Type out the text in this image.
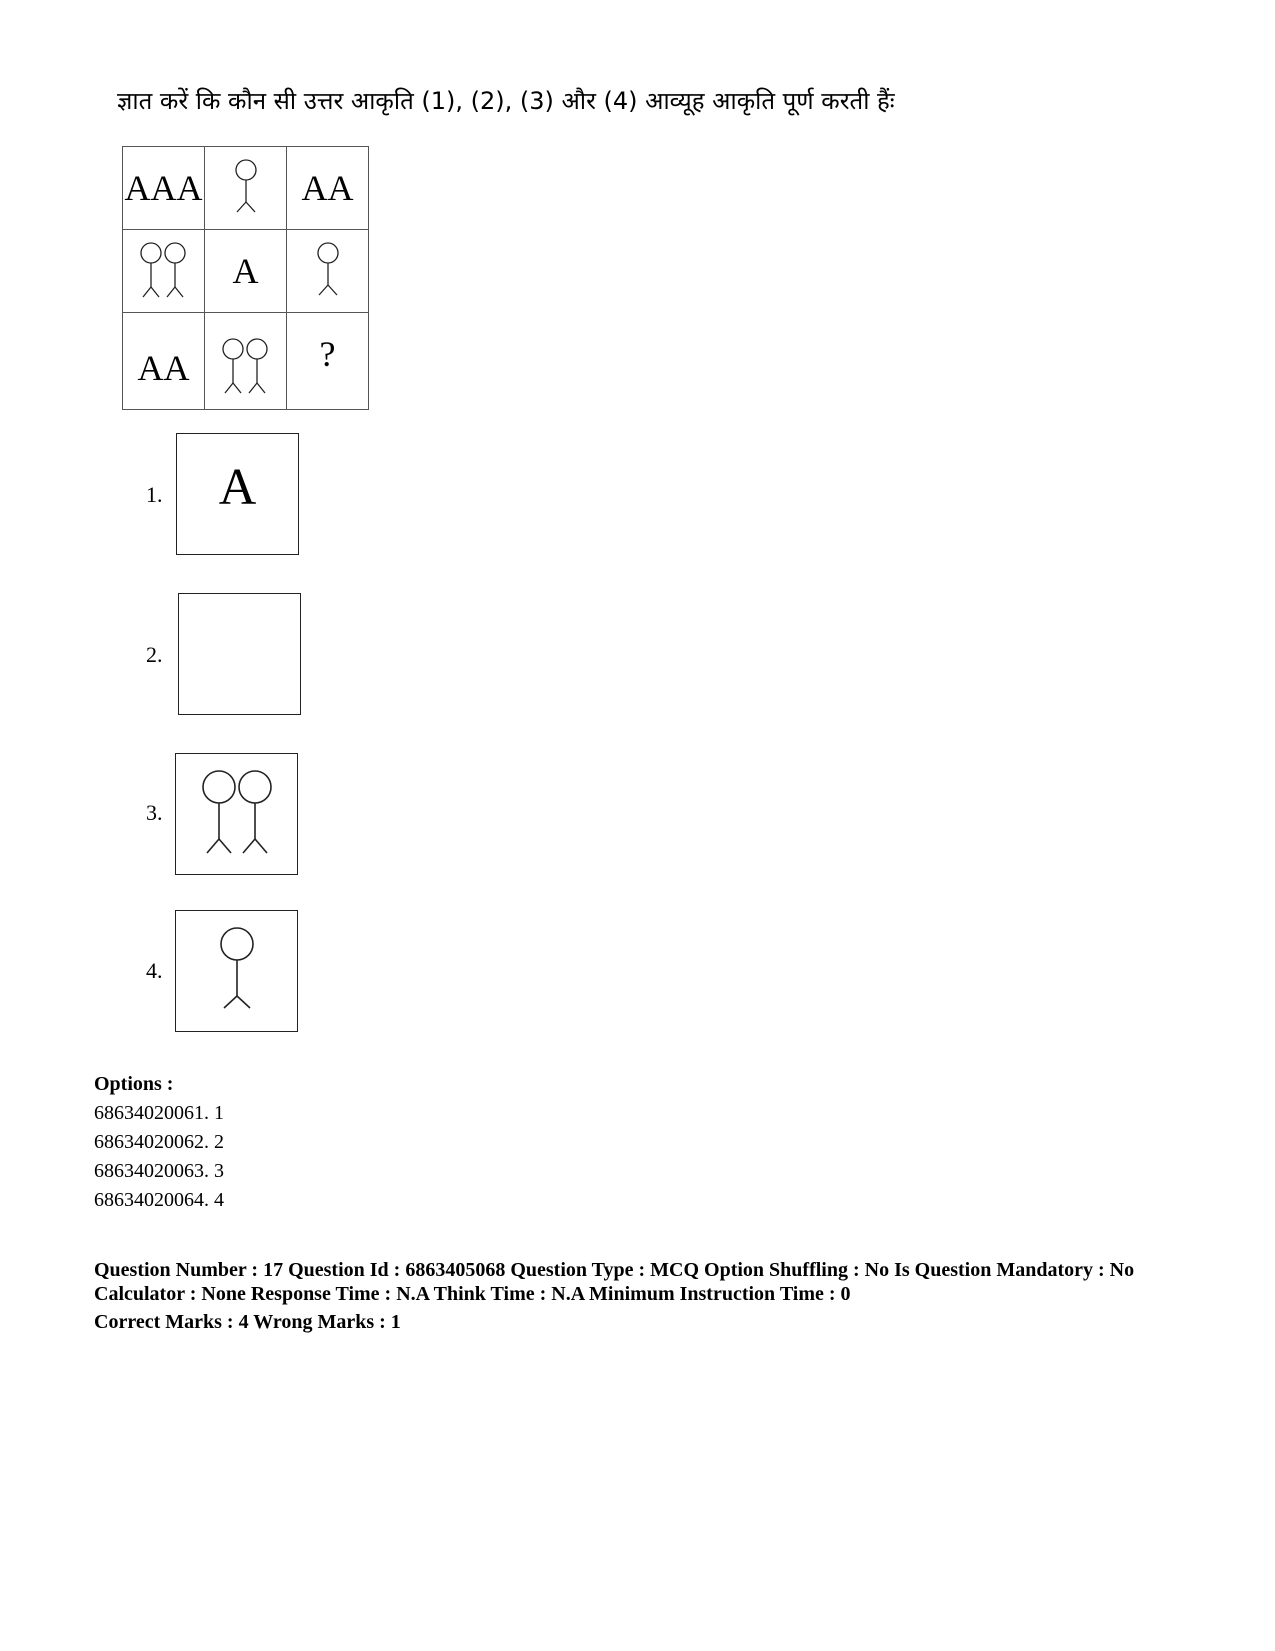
ज्ञात करें कि कौन सी उत्तर आकृति (1), (2), (3) और (4) आव्यूह आकृति पूर्ण करती हैंः
AAA		AA

	A	

AA		?
1. A
2.
3.
4.
Options :
68634020061. 1
68634020062. 2
68634020063. 3
68634020064. 4

Question Number : 17 Question Id : 6863405068 Question Type : MCQ Option Shuffling : No Is Question Mandatory : No Calculator : None Response Time : N.A Think Time : N.A Minimum Instruction Time : 0

Correct Marks : 4 Wrong Marks : 1
